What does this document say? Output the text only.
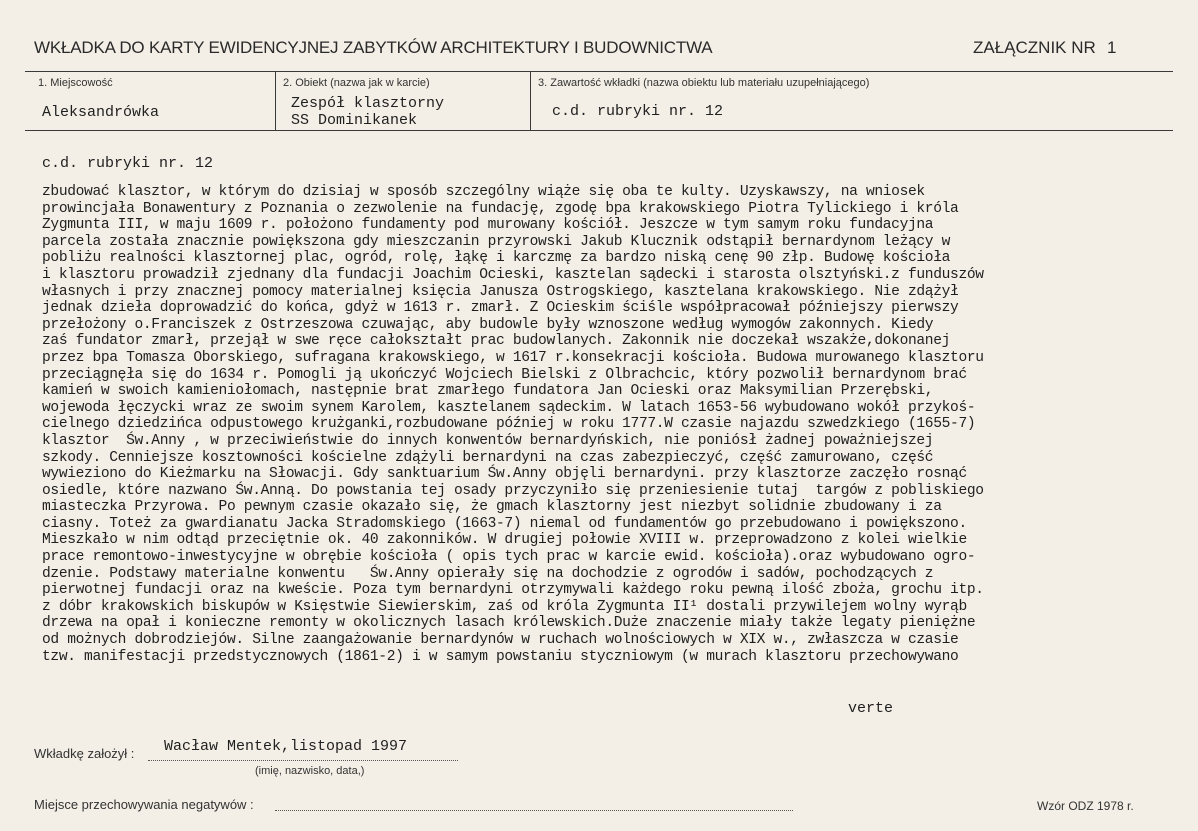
WKŁADKA DO KARTY EWIDENCYJNEJ ZABYTKÓW ARCHITEKTURY I BUDOWNICTWA	ZAŁĄCZNIK NR 1
1. Miejscowość
Aleksandrówka
2. Obiekt (nazwa jak w karcie)
Zespół klasztorny
SS Dominikanek
3. Zawartość wkładki (nazwa obiektu lub materiału uzupełniającego)
c.d. rubryki nr. 12
c.d. rubryki nr. 12
zbudować klasztor, w którym do dzisiaj w sposób szczególny wiąże się oba te kulty. Uzyskawszy, na wniosek
prowincjała Bonawentury z Poznania o zezwolenie na fundację, zgodę bpa krakowskiego Piotra Tylickiego i króla
Zygmunta III, w maju 1609 r. położono fundamenty pod murowany kościół. Jeszcze w tym samym roku fundacyjna
parcela została znacznie powiększona gdy mieszczanin przyrowski Jakub Klucznik odstąpił bernardynom leżący w
pobliżu realności klasztornej plac, ogród, rolę, łąkę i karczmę za bardzo niską cenę 90 złp. Budowę kościoła
i klasztoru prowadził zjednany dla fundacji Joachim Ocieski, kasztelan sądecki i starosta olsztyński.z funduszów
własnych i przy znacznej pomocy materialnej księcia Janusza Ostrogskiego, kasztelana krakowskiego. Nie zdążył
jednak dzieła doprowadzić do końca, gdyż w 1613 r. zmarł. Z Ocieskim ściśle współpracował późniejszy pierwszy
przełożony o.Franciszek z Ostrzeszowa czuwając, aby budowle były wznoszone według wymogów zakonnych. Kiedy
zaś fundator zmarł, przejął w swe ręce całokształt prac budowlanych. Zakonnik nie doczekał wszakże,dokonanej
przez bpa Tomasza Oborskiego, sufragana krakowskiego, w 1617 r.konsekracji kościoła. Budowa murowanego klasztoru
przeciągnęła się do 1634 r. Pomogli ją ukończyć Wojciech Bielski z Olbrachcic, który pozwolił bernardynom brać
kamień w swoich kamieniołomach, następnie brat zmarłego fundatora Jan Ocieski oraz Maksymilian Przerębski,
wojewoda łęczycki wraz ze swoim synem Karolem, kasztelanem sądeckim. W latach 1653-56 wybudowano wokół przykoś-
cielnego dziedzińca odpustowego krużganki,rozbudowane później w roku 1777.W czasie najazdu szwedzkiego (1655-7)
klasztor  Św.Anny , w przeciwieństwie do innych konwentów bernardyńskich, nie poniósł żadnej poważniejszej
szkody. Cenniejsze kosztowności kościelne zdążyli bernardyni na czas zabezpieczyć, część zamurowano, część
wywieziono do Kieżmarku na Słowacji. Gdy sanktuarium Św.Anny objęli bernardyni. przy klasztorze zaczęło rosnąć
osiedle, które nazwano Św.Anną. Do powstania tej osady przyczyniło się przeniesienie tutaj  targów z pobliskiego
miasteczka Przyrowa. Po pewnym czasie okazało się, że gmach klasztorny jest niezbyt solidnie zbudowany i za
ciasny. Toteż za gwardianatu Jacka Stradomskiego (1663-7) niemal od fundamentów go przebudowano i powiększono.
Mieszkało w nim odtąd przeciętnie ok. 40 zakonników. W drugiej połowie XVIII w. przeprowadzono z kolei wielkie
prace remontowo-inwestycyjne w obrębie kościoła ( opis tych prac w karcie ewid. kościoła).oraz wybudowano ogro-
dzenie. Podstawy materialne konwentu   Św.Anny opierały się na dochodzie z ogrodów i sadów, pochodzących z
pierwotnej fundacji oraz na kweście. Poza tym bernardyni otrzymywali każdego roku pewną ilość zboża, grochu itp.
z dóbr krakowskich biskupów w Księstwie Siewierskim, zaś od króla Zygmunta II¹ dostali przywilejem wolny wyrąb
drzewa na opał i konieczne remonty w okolicznych lasach królewskich.Duże znaczenie miały także legaty pieniężne
od możnych dobrodziejów. Silne zaangażowanie bernardynów w ruchach wolnościowych w XIX w., zwłaszcza w czasie
tzw. manifestacji przedstycznowych (1861-2) i w samym powstaniu styczniowym (w murach klasztoru przechowywano
verte
Wkładkę założył : Wacław Mentek,listopad 1997
(imię, nazwisko, data,)
Miejsce przechowywania negatywów :	Wzór ODZ 1978 r.
